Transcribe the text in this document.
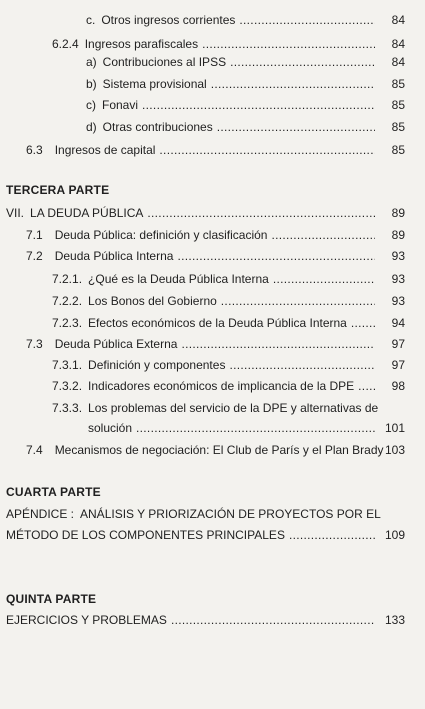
c. Otros ingresos corrientes .....	84
6.2.4 Ingresos parafiscales .....	84
a) Contribuciones al IPSS .....	84
b) Sistema provisional .....	85
c) Fonavi .....	85
d) Otras contribuciones .....	85
6.3	Ingresos de capital .....	85
TERCERA PARTE
VII. LA DEUDA PÚBLICA .....	89
7.1	Deuda Pública: definición y clasificación .....	89
7.2	Deuda Pública Interna .....	93
7.2.1. ¿Qué es la Deuda Pública Interna .....	93
7.2.2. Los Bonos del Gobierno .....	93
7.2.3. Efectos económicos de la Deuda Pública Interna .....	94
7.3	Deuda Pública Externa .....	97
7.3.1. Definición y componentes .....	97
7.3.2. Indicadores económicos de implicancia de la DPE .....	98
7.3.3. Los problemas del servicio de la DPE y alternativas de
solución .....	101
7.4	Mecanismos de negociación: El Club de París y el Plan Brady 103
CUARTA PARTE
APÉNDICE : ANÁLISIS Y PRIORIZACIÓN DE PROYECTOS POR EL
MÉTODO DE LOS COMPONENTES PRINCIPALES .....	109
QUINTA PARTE
EJERCICIOS Y PROBLEMAS .....	133
